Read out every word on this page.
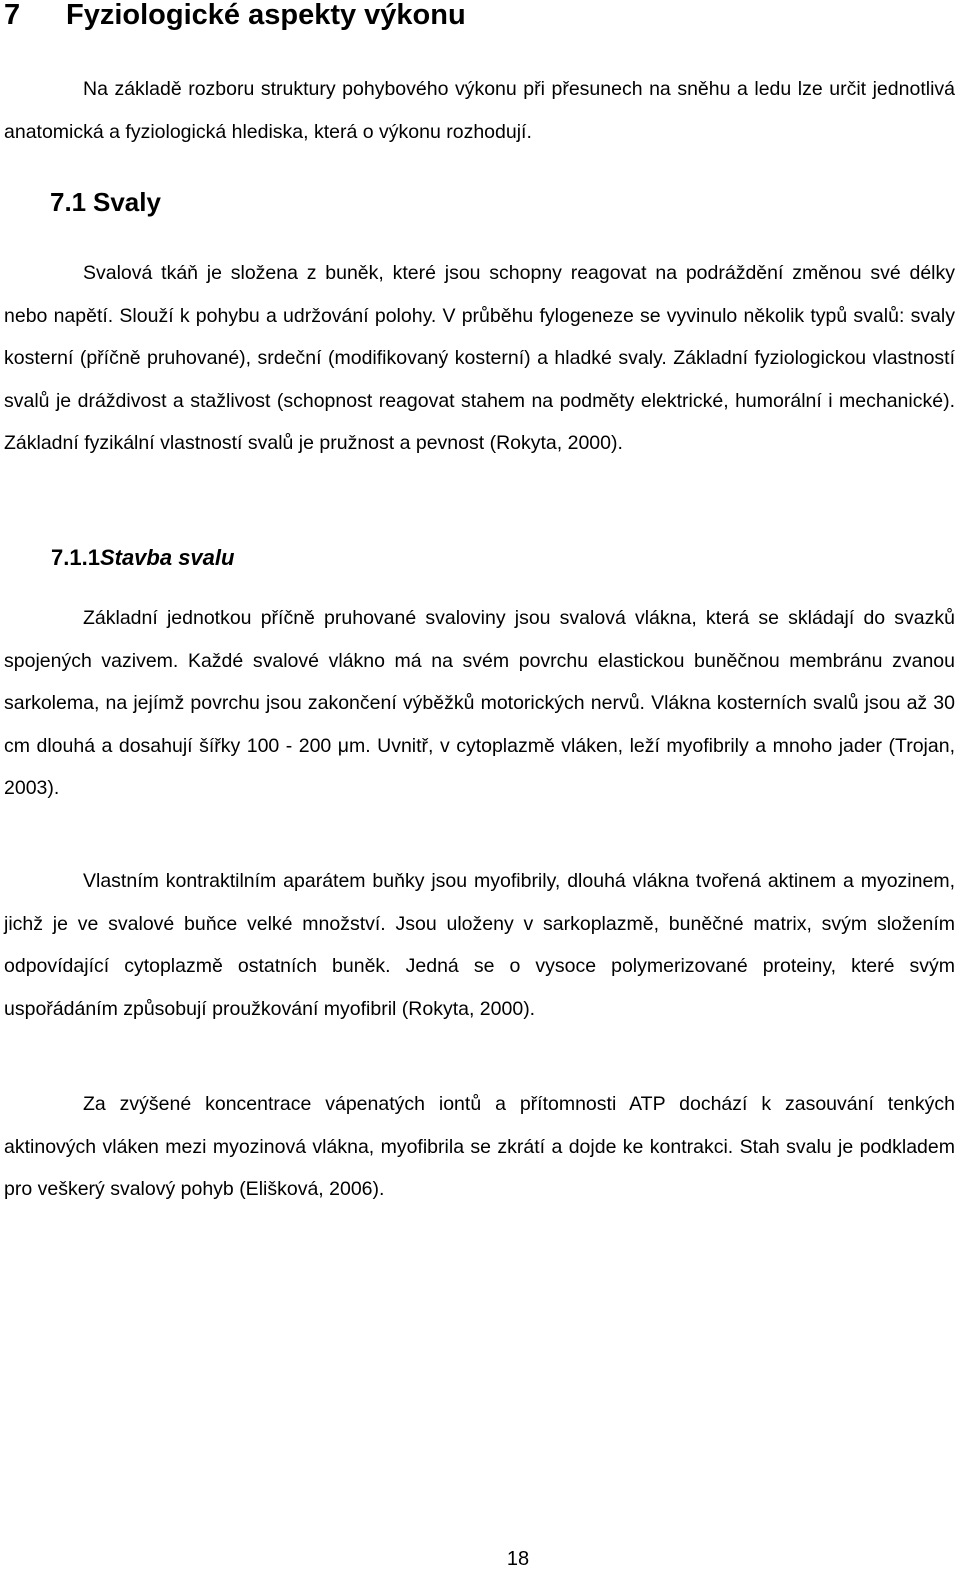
7 Fyziologické aspekty výkonu

Na základě rozboru struktury pohybového výkonu při přesunech na sněhu a ledu lze určit jednotlivá anatomická a fyziologická hlediska, která o výkonu rozhodují.

7.1 Svaly

Svalová tkáň je složena z buněk, které jsou schopny reagovat na podráždění změnou své délky nebo napětí. Slouží k pohybu a udržování polohy. V průběhu fylogeneze se vyvinulo několik typů svalů: svaly kosterní (příčně pruhované), srdeční (modifikovaný kosterní) a hladké svaly. Základní fyziologickou vlastností svalů je dráždivost a stažlivost (schopnost reagovat stahem na podměty elektrické, humorální i mechanické). Základní fyzikální vlastností svalů je pružnost a pevnost (Rokyta, 2000).

7.1.1Stavba svalu

Základní jednotkou příčně pruhované svaloviny jsou svalová vlákna, která se skládají do svazků spojených vazivem. Každé svalové vlákno má na svém povrchu elastickou buněčnou membránu zvanou sarkolema, na jejímž povrchu jsou zakončení výběžků motorických nervů. Vlákna kosterních svalů jsou až 30 cm dlouhá a dosahují šířky 100 - 200 μm. Uvnitř, v cytoplazmě vláken, leží myofibrily a mnoho jader (Trojan, 2003).

Vlastním kontraktilním aparátem buňky jsou myofibrily, dlouhá vlákna tvořená aktinem a myozinem, jichž je ve svalové buňce velké množství. Jsou uloženy v sarkoplazmě, buněčné matrix, svým složením odpovídající cytoplazmě ostatních buněk. Jedná se o vysoce polymerizované proteiny, které svým uspořádáním způsobují proužkování myofibril (Rokyta, 2000).

Za zvýšené koncentrace vápenatých iontů a přítomnosti ATP dochází k zasouvání tenkých aktinových vláken mezi myozinová vlákna, myofibrila se zkrátí a dojde ke kontrakci. Stah svalu je podkladem pro veškerý svalový pohyb (Elišková, 2006).

18
